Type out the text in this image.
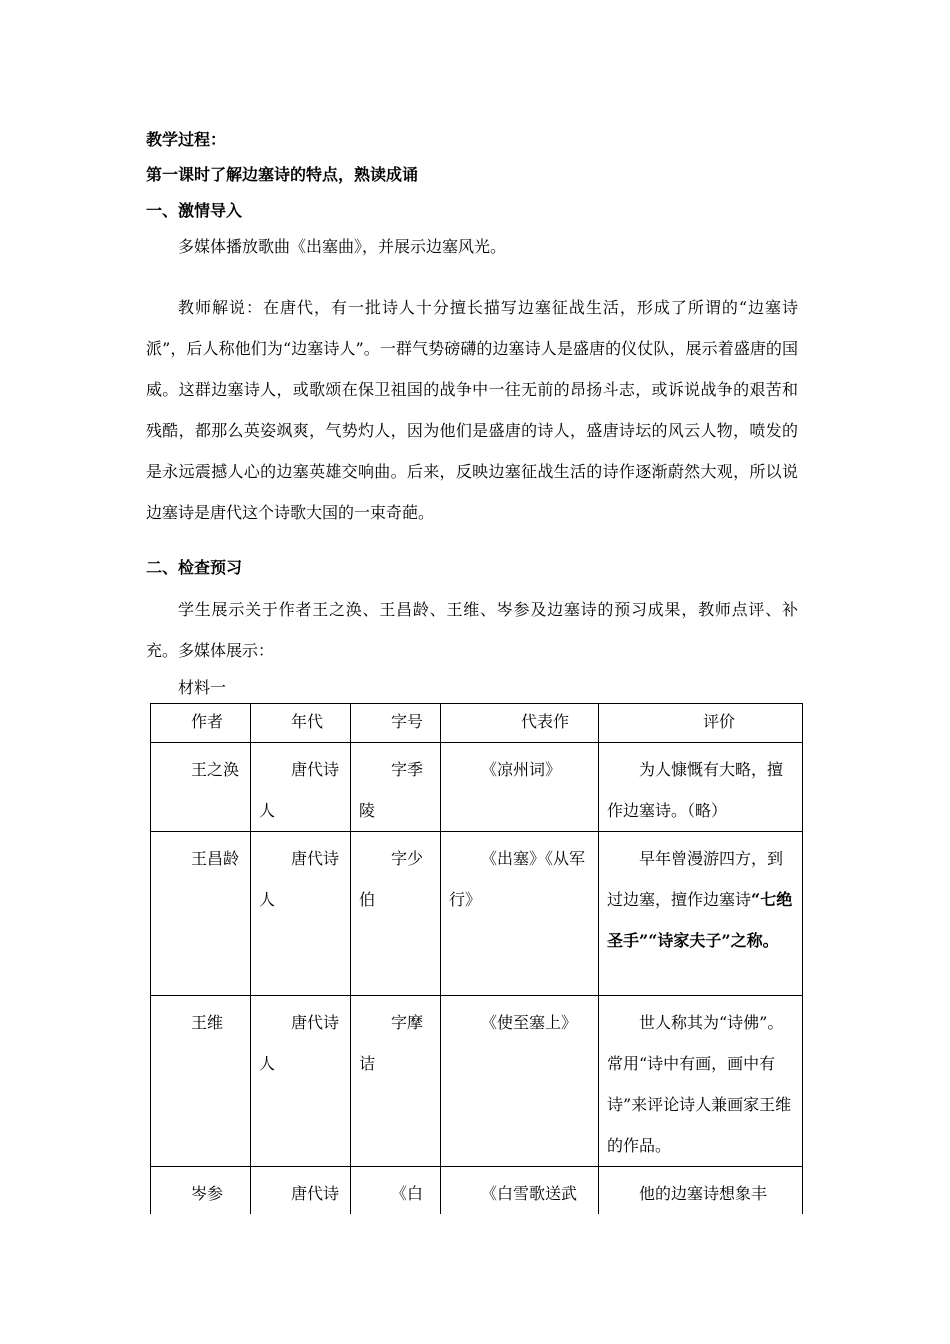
教学过程：
第一课时了解边塞诗的特点，熟读成诵
一、激情导入
多媒体播放歌曲《出塞曲》，并展示边塞风光。
教师解说：在唐代，有一批诗人十分擅长描写边塞征战生活，形成了所谓的“边塞诗派”，后人称他们为“边塞诗人”。一群气势磅礴的边塞诗人是盛唐的仪仗队，展示着盛唐的国威。这群边塞诗人，或歌颂在保卫祖国的战争中一往无前的昂扬斗志，或诉说战争的艰苦和残酷，都那么英姿飒爽，气势灼人，因为他们是盛唐的诗人，盛唐诗坛的风云人物，喷发的是永远震撼人心的边塞英雄交响曲。后来，反映边塞征战生活的诗作逐渐蔚然大观，所以说边塞诗是唐代这个诗歌大国的一束奇葩。
二、检查预习
学生展示关于作者王之涣、王昌龄、王维、岑参及边塞诗的预习成果，教师点评、补充。多媒体展示：
材料一
作者	年代	字号	代表作	评价
王之涣	唐代诗人	字季陵	《凉州词》	为人慷慨有大略，擅作边塞诗。（略）
王昌龄	唐代诗人	字少伯	《出塞》《从军行》	早年曾漫游四方，到过边塞，擅作边塞诗“七绝圣手”“诗家夫子”之称。
王维	唐代诗人	字摩诘	《使至塞上》	世人称其为“诗佛”。 常用“诗中有画，画中有诗”来评论诗人兼画家王维的作品。
岑参	唐代诗	《白	《白雪歌送武	他的边塞诗想象丰
